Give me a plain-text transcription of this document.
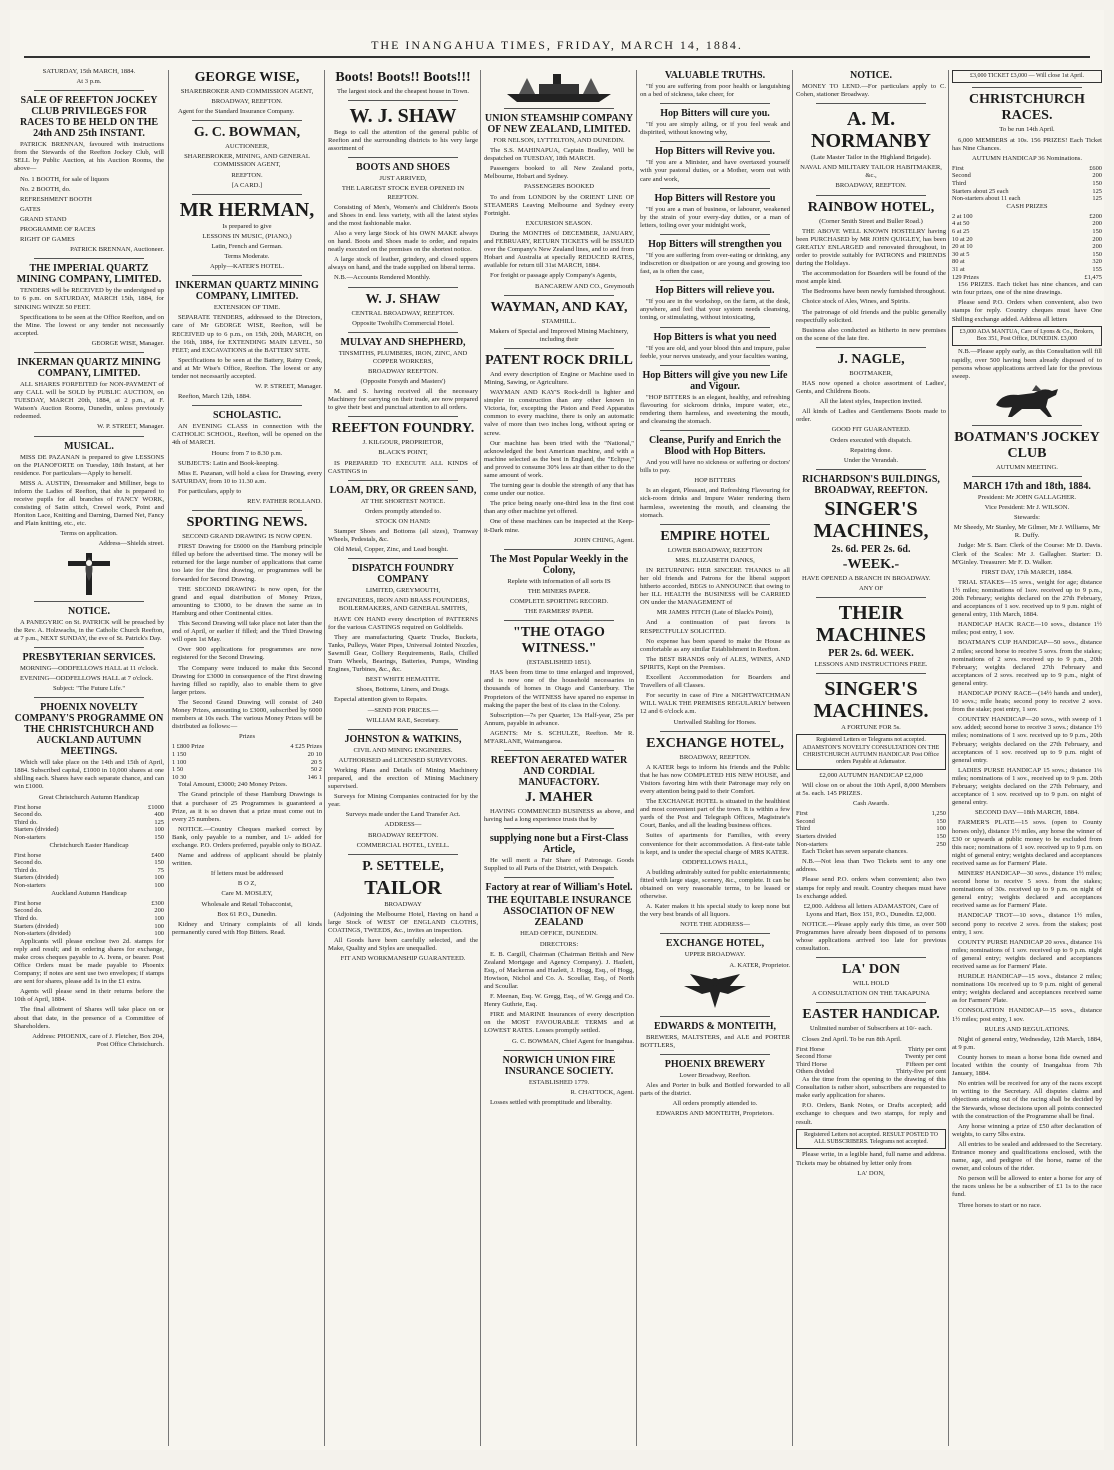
THE INANGAHUA TIMES, FRIDAY, MARCH 14, 1884.

SATURDAY, 15th MARCH, 1884.

At 3 p.m.

SALE OF REEFTON JOCKEY CLUB PRIVILEGES FOR RACES TO BE HELD ON THE 24th AND 25th INSTANT.

PATRICK BRENNAN, favoured with instructions from the Stewards of the Reefton Jockey Club, will SELL by Public Auction, at his Auction Rooms, the above—

No. 1 BOOTH, for sale of liquors

No. 2 BOOTH, do.

REFRESHMENT BOOTH

GATES

GRAND STAND

PROGRAMME OF RACES

RIGHT OF GAMES

PATRICK BRENNAN, Auctioneer.

THE IMPERIAL QUARTZ MINING COMPANY, LIMITED.

TENDERS will be RECEIVED by the undersigned up to 6 p.m. on SATURDAY, MARCH 15th, 1884, for SINKING WINZE 50 FEET.

Specifications to be seen at the Office Reefton, and on the Mine. The lowest or any tender not necessarily accepted.

GEORGE WISE, Manager.

INKERMAN QUARTZ MINING COMPANY, LIMITED.

ALL SHARES FORFEITED for NON-PAYMENT of any CALL will be SOLD by PUBLIC AUCTION, on TUESDAY, MARCH 20th, 1884, at 2 p.m., at F. Watson's Auction Rooms, Dunedin, unless previously redeemed.

W. P. STREET, Manager.

MUSICAL.

MISS DE PAZANAN is prepared to give LESSONS on the PIANOFORTE on Tuesday, 18th Instant, at her residence. For particulars—Apply to herself.

MISS A. AUSTIN, Dressmaker and Milliner, begs to inform the Ladies of Reefton, that she is prepared to receive pupils for all branches of FANCY WORK, consisting of Satin stitch, Crewel work, Point and Honiton Lace, Knitting and Darning, Darned Net, Fancy and Plain knitting, etc., etc.

Terms on application.

Address—Shields street.

NOTICE.

A PANEGYRIC on St. PATRICK will be preached by the Rev. A. Holzwachs, in the Catholic Church Reefton, at 7 p.m., NEXT SUNDAY, the eve of St. Patrick's Day.

PRESBYTERIAN SERVICES.

MORNING—ODDFELLOWS HALL at 11 o'clock.

EVENING—ODDFELLOWS HALL at 7 o'clock.

Subject: "The Future Life."

PHOENIX NOVELTY COMPANY'S PROGRAMME ON THE CHRISTCHURCH AND AUCKLAND AUTUMN MEETINGS.

Which will take place on the 14th and 15th of April, 1884. Subscribed capital, £1000 in 10,000 shares at one shilling each. Shares have each separate chance, and can win £1000.

Great Christchurch Autumn Handicap

First horse	£1000
Second do.	400
Third do.	125
Starters (divided)	100
Non-starters	150

Christchurch Easter Handicap

First horse	£400
Second do.	150
Third do.	75
Starters (divided)	100
Non-starters	100

Auckland Autumn Handicap

First horse	£300
Second do.	200
Third do.	100
Starters (divided)	100
Non-starters (divided)	100

Applicants will please enclose two 2d. stamps for reply and result; and in ordering shares for exchange, make cross cheques payable to A. Ivens, or bearer. Post Office Orders must be made payable to Phoenix Company; if notes are sent use two envelopes; if stamps are sent for shares, please add 1s in the £1 extra.

Agents will please send in their returns before the 10th of April, 1884.

The final allotment of Shares will take place on or about that date, in the presence of a Committee of Shareholders.

Address: PHOENIX, care of J. Fletcher, Box 204, Post Office Christchurch.

GEORGE WISE,

SHAREBROKER AND COMMISSION AGENT,

BROADWAY, REEFTON.

Agent for the Standard Insurance Company.

G. C. BOWMAN,

AUCTIONEER,

SHAREBROKER, MINING, AND GENERAL COMMISSION AGENT,

REEFTON.

[A CARD.]

MR HERMAN,

Is prepared to give

LESSONS IN MUSIC, (PIANO,)

Latin, French and German.

Terms Moderate.

Apply—KATER'S HOTEL.

INKERMAN QUARTZ MINING COMPANY, LIMITED.

EXTENSION OF TIME.

SEPARATE TENDERS, addressed to the Directors, care of Mr GEORGE WISE, Reefton, will be RECEIVED up to 6 p.m., on 15th, 20th, MARCH, on the 16th, 1884, for EXTENDING MAIN LEVEL, 50 FEET; and EXCAVATIONS at the BATTERY SITE.

Specifications to be seen at the Battery, Rainy Creek, and at Mr Wise's Office, Reefton. The lowest or any tender not necessarily accepted.

W. P. STREET, Manager.

Reefton, March 12th, 1884.

SCHOLASTIC.

AN EVENING CLASS in connection with the CATHOLIC SCHOOL, Reefton, will be opened on the 4th of MARCH.

Hours: from 7 to 8.30 p.m.

SUBJECTS: Latin and Book-keeping.

Miss E. Pazanan, will hold a class for Drawing, every SATURDAY, from 10 to 11.30 a.m.

For particulars, apply to

REV. FATHER ROLLAND.

SPORTING NEWS.

SECOND GRAND DRAWING IS NOW OPEN.

FIRST Drawing for £6000 on the Hamburg principle filled up before the advertised time. The money will be returned for the large number of applications that came too late for the first drawing, or programmes will be forwarded for Second Drawing.

THE SECOND DRAWING is now open, for the grand and equal distribution of Money Prizes, amounting to £3000, to be drawn the same as in Hamburg and other Continental cities.

This Second Drawing will take place not later than the end of April, or earlier if filled; and the Third Drawing will open 1st May.

Over 900 applications for programmes are now registered for the Second Drawing.

The Company were induced to make this Second Drawing for £3000 in consequence of the First drawing having filled so rapidly, also to enable them to give larger prizes.

The Second Grand Drawing will consist of 240 Money Prizes, amounting to £3000, subscribed by 6000 members at 10s each. The various Money Prizes will be distributed as follows:—

Prizes

1 £800 Prize	4 £25 Prizes
1 150	20 10
1 100	20 5
1 50	50 2
10 30	146 1

Total Amount, £3000; 240 Money Prizes.

The Grand principle of these Hamburg Drawings is that a purchaser of 25 Programmes is guaranteed a Prize, as it is so drawn that a prize must come out in every 25 numbers.

NOTICE.—Country Cheques marked correct by Bank, only payable to a number, and 1/- added for exchange. P.O. Orders preferred, payable only to BOAZ.

Name and address of applicant should be plainly written.

If letters must be addressed

B O Z,

Care M. MOSLEY,

Wholesale and Retail Tobacconist,

Box 61 P.O., Dunedin.

Kidney and Urinary complaints of all kinds permanently cured with Hop Bitters. Read.

Boots! Boots!! Boots!!!

The largest stock and the cheapest house in Town.

W. J. SHAW

Begs to call the attention of the general public of Reefton and the surrounding districts to his very large assortment of

BOOTS AND SHOES

JUST ARRIVED,

THE LARGEST STOCK EVER OPENED IN REEFTON.

Consisting of Men's, Women's and Children's Boots and Shoes in end. less variety, with all the latest styles and the most fashionable make.

Also a very large Stock of his OWN MAKE always on hand. Boots and Shoes made to order, and repairs neatly executed on the premises on the shortest notice.

A large stock of leather, grindery, and closed uppers always on hand, and the trade supplied on liberal terms.

N.B.—Accounts Rendered Monthly.

W. J. SHAW

CENTRAL BROADWAY, REEFTON.

Opposite Twohill's Commercial Hotel.

MULVAY AND SHEPHERD,

TINSMITHS, PLUMBERS, IRON, ZINC, AND COPPER WORKERS,

BROADWAY REEFTON.

(Opposite Forsyth and Masters')

M. and S. having received all the necessary Machinery for carrying on their trade, are now prepared to give their best and punctual attention to all orders.

REEFTON FOUNDRY.

J. KILGOUR, PROPRIETOR,

BLACK'S POINT,

IS PREPARED TO EXECUTE ALL KINDS of CASTINGS in

LOAM, DRY, OR GREEN SAND,

AT THE SHORTEST NOTICE.

Orders promptly attended to.

STOCK ON HAND:

Stamper Shoes and Bottoms (all sizes), Tramway Wheels, Pedestals, &c.

Old Metal, Copper, Zinc, and Lead bought.

DISPATCH FOUNDRY COMPANY

LIMITED, GREYMOUTH,

ENGINEERS, IRON AND BRASS FOUNDERS, BOILERMAKERS, AND GENERAL SMITHS,

HAVE ON HAND every description of PATTERNS for the various CASTINGS required on Goldfields.

They are manufacturing Quartz Trucks, Buckets, Tanks, Pulleys, Water Pipes, Universal Jointed Nozzles, Sawmill Gear, Colliery Requirements, Rails, Chilled Tram Wheels, Bearings, Batteries, Pumps, Winding Engines, Turbines, &c., &c.

BEST WHITE HEMATITE.

Shoes, Bottoms, Liners, and Drags.

Especial attention given to Repairs.

—SEND FOR PRICES.—

WILLIAM RAE, Secretary.

JOHNSTON & WATKINS,

CIVIL AND MINING ENGINEERS.

AUTHORISED and LICENSED SURVEYORS.

Working Plans and Details of Mining Machinery prepared, and the erection of Mining Machinery supervised.

Surveys for Mining Companies contracted for by the year.

Surveys made under the Land Transfer Act.

ADDRESS—

BROADWAY REEFTON.

COMMERCIAL HOTEL, LYELL.

P. SETTELE,

TAILOR

BROADWAY

(Adjoining the Melbourne Hotel, Having on hand a large Stock of WEST OF ENGLAND CLOTHS, COATINGS, TWEEDS, &c., invites an inspection.

All Goods have been carefully selected, and the Make, Quality and Styles are unequalled.

FIT AND WORKMANSHIP GUARANTEED.

UNION STEAMSHIP COMPANY OF NEW ZEALAND, LIMITED.

FOR NELSON, LYTTELTON, AND DUNEDIN.

The S.S. MAHINAPUA, Captain Bradley, Will be despatched on TUESDAY, 18th MARCH.

Passengers booked to all New Zealand ports, Melbourne, Hobart and Sydney.

PASSENGERS BOOKED

To and from LONDON by the ORIENT LINE OF STEAMERS Leaving Melbourne and Sydney every Fortnight.

EXCURSION SEASON.

During the MONTHS of DECEMBER, JANUARY, and FEBRUARY, RETURN TICKETS will be ISSUED over the Company's New Zealand lines, and to and from Hobart and Australia at specially REDUCED RATES, available for return till 31st MARCH, 1884.

For freight or passage apply Company's Agents,

BANCAREW AND CO., Greymouth

WAYMAN, AND KAY,

STAMHILL.

Makers of Special and Improved Mining Machinery, including their

PATENT ROCK DRILL

And every description of Engine or Machine used in Mining, Sawing, or Agriculture.

WAYMAN AND KAY'S Rock-drill is lighter and simpler in construction than any other known in Victoria, for, excepting the Piston and Feed Apparatus common to every machine, there is only an automatic valve of more than two inches long, without spring or screw.

Our machine has been tried with the "National," acknowledged the best American machine, and with a machine selected as the best in England, the "Eclipse," and proved to consume 30% less air than either to do the same amount of work.

The turning gear is double the strength of any that has come under our notice.

The price being nearly one-third less in the first cost than any other machine yet offered.

One of these machines can be inspected at the Keep-it-Dark mine.

JOHN CHING, Agent.

The Most Popular Weekly in the Colony,

Replete with information of all sorts IS

THE MINERS PAPER.

COMPLETE SPORTING RECORD.

THE FARMERS' PAPER.

"THE OTAGO WITNESS."

(ESTABLISHED 1851).

HAS been from time to time enlarged and improved, and is now one of the household necessaries in thousands of homes in Otago and Canterbury. The Proprietors of the WITNESS have spared no expense in making the paper the best of its class in the Colony.

Subscription—7s per Quarter, 13s Half-year, 25s per Annum, payable in advance.

AGENTS: Mr S. SCHULZE, Reefton. Mr R. M'FARLANE, Waimangaroa.

REEFTON AERATED WATER AND CORDIAL MANUFACTORY.

J. MAHER

HAVING COMMENCED BUSINESS as above, and having had a long experience trusts that by

supplying none but a First-Class Article,

He will merit a Fair Share of Patronage. Goods Supplied to all Parts of the District, with Despatch.

Factory at rear of William's Hotel.

THE EQUITABLE INSURANCE ASSOCIATION OF NEW ZEALAND

HEAD OFFICE, DUNEDIN.

DIRECTORS:

E. B. Cargill, Chairman (Chairman British and New Zealand Mortgage and Agency Company). J. Hazlett, Esq., of Mackerras and Hazlett, J. Hogg, Esq., of Hogg, Howison, Nichol and Co. A. Scoullar, Esq., of North and Scoullar.

F. Meenan, Esq. W. Gregg, Esq., of W. Gregg and Co. Henry Guthrie, Esq.

FIRE and MARINE Insurances of every description on the MOST FAVOURABLE TERMS and at LOWEST RATES. Losses promptly settled.

G. C. BOWMAN, Chief Agent for Inangahua.

NORWICH UNION FIRE INSURANCE SOCIETY.

ESTABLISHED 1779.

R. CHATTOCK, Agent.

Losses settled with promptitude and liberality.

VALUABLE TRUTHS.

"If you are suffering from poor health or languishing on a bed of sickness, take cheer, for

Hop Bitters will cure you.

"If you are simply ailing, or if you feel weak and dispirited, without knowing why,

Hop Bitters will Revive you.

"If you are a Minister, and have overtaxed yourself with your pastoral duties, or a Mother, worn out with care and work,

Hop Bitters will Restore you

"If you are a man of business, or labourer, weakened by the strain of your every-day duties, or a man of letters, toiling over your midnight work,

Hop Bitters will strengthen you

"If you are suffering from over-eating or drinking, any indiscretion or dissipation or are young and growing too fast, as is often the case,

Hop Bitters will relieve you.

"If you are in the workshop, on the farm, at the desk, anywhere, and feel that your system needs cleansing, toning, or stimulating, without intoxicating,

Hop Bitters is what you need

"If you are old, and your blood thin and impure, pulse feeble, your nerves unsteady, and your faculties waning,

Hop Bitters will give you new Life and Vigour.

"HOP BITTERS is an elegant, healthy, and refreshing flavouring for sickroom drinks, impure water, etc., rendering them harmless, and sweetening the mouth, and cleansing the stomach.

Cleanse, Purify and Enrich the Blood with Hop Bitters.

And you will have no sickness or suffering or doctors' bills to pay.

HOP BITTERS

Is an elegant, Pleasant, and Refreshing Flavouring for sick-room drinks and Impure Water rendering them harmless, sweetening the mouth, and cleansing the stomach.

EMPIRE HOTEL

LOWER BROADWAY, REEFTON

MRS. ELIZABETH DANKS,

IN RETURNING HER SINCERE THANKS to all her old friends and Patrons for the liberal support hitherto accorded, BEGS to ANNOUNCE that owing to her ILL HEALTH the BUSINESS will be CARRIED ON under the MANAGEMENT of

MR JAMES FITCH (Late of Black's Point),

And a continuation of past favors is RESPECTFULLY SOLICITED.

No expense has been spared to make the House as comfortable as any similar Establishment in Reefton.

The BEST BRANDS only of ALES, WINES, AND SPIRITS, Kept on the Premises.

Excellent Accommodation for Boarders and Travellers of all Classes.

For security in case of Fire a NIGHTWATCHMAN WILL WALK THE PREMISES REGULARLY between 12 and 6 o'clock a.m.

Unrivalled Stabling for Horses.

EXCHANGE HOTEL,

BROADWAY, REEFTON.

A KATER begs to inform his friends and the Public that he has now COMPLETED HIS NEW HOUSE, and Visitors favoring him with their Patronage may rely on every attention being paid to their Comfort.

The EXCHANGE HOTEL is situated in the healthiest and most convenient part of the town. It is within a few yards of the Post and Telegraph Offices, Magistrate's Court, Banks, and all the leading business offices.

Suites of apartments for Families, with every convenience for their accommodation. A first-rate table is kept, and is under the special charge of MRS KATER.

ODDFELLOWS HALL,

A building admirably suited for public entertainments; fitted with large stage, scenery, &c., complete. It can be obtained on very reasonable terms, to be leased or otherwise.

A. Kater makes it his special study to keep none but the very best brands of all liquors.

NOTE THE ADDRESS—

EXCHANGE HOTEL,

UPPER BROADWAY.

A. KATER, Proprietor.

EDWARDS & MONTEITH,

BREWERS, MALTSTERS, and ALE and PORTER BOTTLERS,

PHOENIX BREWERY

Lower Broadway, Reefton.

Ales and Porter in bulk and Bottled forwarded to all parts of the district.

All orders promptly attended to.

EDWARDS AND MONTEITH, Proprietors.

NOTICE.

MONEY TO LEND.—For particulars apply to C. Cohen, stationer Broadway.

A. M. NORMANBY

(Late Master Tailor in the Highland Brigade).

NAVAL AND MILITARY TAILOR HABITMAKER, &c.,

BROADWAY, REEFTON.

RAINBOW HOTEL,

(Corner Smith Street and Buller Road.)

THE ABOVE WELL KNOWN HOSTELRY having been PURCHASED by MR JOHN QUIGLEY, has been GREATLY ENLARGED and renovated throughout, in order to provide suitably for PATRONS and FRIENDS during the Holidays.

The accommodation for Boarders will be found of the most ample kind.

The Bedrooms have been newly furnished throughout.

Choice stock of Ales, Wines, and Spirits.

The patronage of old friends and the public generally respectfully solicited.

Business also conducted as hitherto in new premises on the scene of the late fire.

J. NAGLE,

BOOTMAKER,

HAS now opened a choice assortment of Ladies', Gents, and Childrens Boots.

All the latest styles, Inspection invited.

All kinds of Ladies and Gentlemens Boots made to order.

GOOD FIT GUARANTEED.

Orders executed with dispatch.

Repairing done.

Under the Verandah.

RICHARDSON'S BUILDINGS, BROADWAY, REEFTON.

SINGER'S MACHINES,

2s. 6d. PER 2s. 6d.

-WEEK.-

HAVE OPENED A BRANCH IN BROADWAY.

ANY OF

THEIR MACHINES

PER 2s. 6d. WEEK.

LESSONS AND INSTRUCTIONS FREE.

SINGER'S MACHINES.

A FORTUNE FOR 5s.

Registered Letters or Telegrams not accepted. ADAMSTON'S NOVELTY CONSULTATION ON THE CHRISTCHURCH AUTUMN HANDICAP. Post Office orders Payable at Adamastor.

£2,000 AUTUMN HANDICAP £2,000

Will close on or about the 10th April, 8,000 Members at 5s. each. 145 PRIZES.

Cash Awards.

First	1,250
Second	150
Third	100
Starters divided	150
Non-starters	250

Each Ticket has seven separate chances.

N.B.—Not less than Two Tickets sent to any one address.

Please send P.O. orders when convenient; also two stamps for reply and result. Country cheques must have 1s exchange added.

£2,000. Address all letters ADAMASTON, Care of Lyons and Hart, Box 151, P.O., Dunedin. £2,000.

NOTICE.—Please apply early this time, as over 500 Programmes have already been disposed of to persons whose applications arrived too late for previous consultation.

LA' DON

WILL HOLD

A CONSULTATION ON THE TAKAPUNA

EASTER HANDICAP.

Unlimited number of Subscribers at 10/- each.

Closes 2nd April. To be run 8th April.

First Horse	Thirty per cent
Second Horse	Twenty per cent
Third Horse	Fifteen per cent
Others divided	Thirty-five per cent

As the time from the opening to the drawing of this Consultation is rather short, subscribers are requested to make early application for shares.

P.O. Orders, Bank Notes, or Drafts accepted; add exchange to cheques and two stamps, for reply and result.

Registered Letters not accepted. RESULT POSTED TO ALL SUBSCRIBERS. Telegrams not accepted.

Please write, in a legible hand, full name and address. Tickets may be obtained by letter only from

LA' DON,

£3,000 TICKET £3,000 — Will close 1st April.

CHRISTCHURCH RACES.

To be run 14th April.

6,000 MEMBERS at 10s. 156 PRIZES! Each Ticket has Nine Chances.

AUTUMN HANDICAP 36 Nominations.

First	£600
Second	200
Third	150
Starters about 25 each	125
Non-starters about 11 each	125

CASH PRIZES

2 at 100	£200
4 at 50	200
6 at 25	150
10 at 20	200
20 at 10	200
30 at 5	150
80 at	320
31 at	155
129 Prizes	£1,475

156 PRIZES. Each ticket has nine chances, and can win four prizes, one of the nine drawings.

Please send P.O. Orders when convenient, also two stamps for reply. Country cheques must have One Shilling exchange added. Address all letters

£3,000 ADA MANTUA, Care of Lyons & Co., Brokers, Box 351, Post Office, DUNEDIN. £3,000

N.B.—Please apply early, as this Consultation will fill rapidly, over 500 having been already disposed of to persons whose applications arrived late for the previous sweep.

BOATMAN'S JOCKEY CLUB

AUTUMN MEETING.

MARCH 17th and 18th, 1884.

President: Mr JOHN GALLAGHER.

Vice President: Mr J. WILSON.

Stewards:

Mr Sheedy, Mr Stanley, Mr Gilmer, Mr J. Williams, Mr R. Duffy.

Judge: Mr S. Barr. Clerk of the Course: Mr D. Davis. Clerk of the Scales: Mr J. Gallagher. Starter: D. M'Ginley. Treasurer: Mr F. D. Walker.

FIRST DAY, 17th MARCH, 1884.

TRIAL STAKES—15 sovs., weight for age; distance 1½ miles; nominations of 1sov. received up to 9 p.m., 20th February; weights declared on the 27th February, and acceptances of 1 sov. received up to 9 p.m. night of general entry, 11th March, 1884.

HANDICAP HACK RACE—10 sovs., distance 1½ miles; post entry, 1 sov.

BOATMAN'S CUP HANDICAP—50 sovs., distance 2 miles; second horse to receive 5 sovs. from the stakes; nominations of 2 sovs. received up to 9 p.m., 20th February; weights declared 27th February and acceptances of 2 sovs. received up to 9 p.m., night of general entry.

HANDICAP PONY RACE—(14½ hands and under), 10 sovs.; mile heats; second pony to receive 2 sovs. from the stake; post entry, 1 sov.

COUNTRY HANDICAP—20 sovs., with sweep of 1 sov. added; second horse to receive 3 sovs.; distance 1½ miles; nominations of 1 sov. received up to 9 p.m., 20th February; weights declared on the 27th February, and acceptances of 1 sov. received up to 9 p.m. night of general entry.

LADIES PURSE HANDICAP 15 sovs.; distance 1¼ miles; nominations of 1 sov., received up to 9 p.m. 20th February; weights declared on the 27th February, and acceptance of 1 sov. received up to 9 p.m. on night of general entry.

SECOND DAY—18th MARCH, 1884.

FARMER'S PLATE—15 sovs. (open to County horses only), distance 1½ miles, any horse the winner of £30 or upwards at public money to be excluded from this race; nominations of 1 sov. received up to 9 p.m. on night of general entry; weights declared and acceptances received same as for Farmers' Plate.

MINERS' HANDICAP—30 sovs., distance 1½ miles; second horse to receive 5 sovs. from the stakes; nominations of 30s. received up to 9 p.m. on night of general entry; weights declared and acceptances received same as for Farmers' Plate.

HANDICAP TROT—10 sovs., distance 1½ miles, second pony to receive 2 sovs. from the stakes; post entry, 1 sov.

COUNTY PURSE HANDICAP 20 sovs., distance 1¼ miles; nominations of 1 sov. received up to 9 p.m. night of general entry; weights declared and acceptances received same as for Farmers' Plate.

HURDLE HANDICAP—15 sovs., distance 2 miles; nominations 10s received up to 9 p.m. night of general entry; weights declared and acceptances received same as for Farmers' Plate.

CONSOLATION HANDICAP—15 sovs., distance 1½ miles; post entry, 1 sov.

RULES AND REGULATIONS.

Night of general entry, Wednesday, 12th March, 1884, at 9 p.m.

County horses to mean a horse bona fide owned and located within the county of Inangahua from 7th January, 1884.

No entries will be received for any of the races except in writing to the Secretary. All disputes claims and objections arising out of the racing shall be decided by the Stewards, whose decisions upon all points connected with the construction of the Programme shall be final.

Any horse winning a prize of £50 after declaration of weights, to carry 5lbs extra.

All entries to be sealed and addressed to the Secretary. Entrance money and qualifications enclosed, with the name, age, and pedigree of the horse, name of the owner, and colours of the rider.

No person will be allowed to enter a horse for any of the races unless he be a subscriber of £1 1s to the race fund.

Three horses to start or no race.
